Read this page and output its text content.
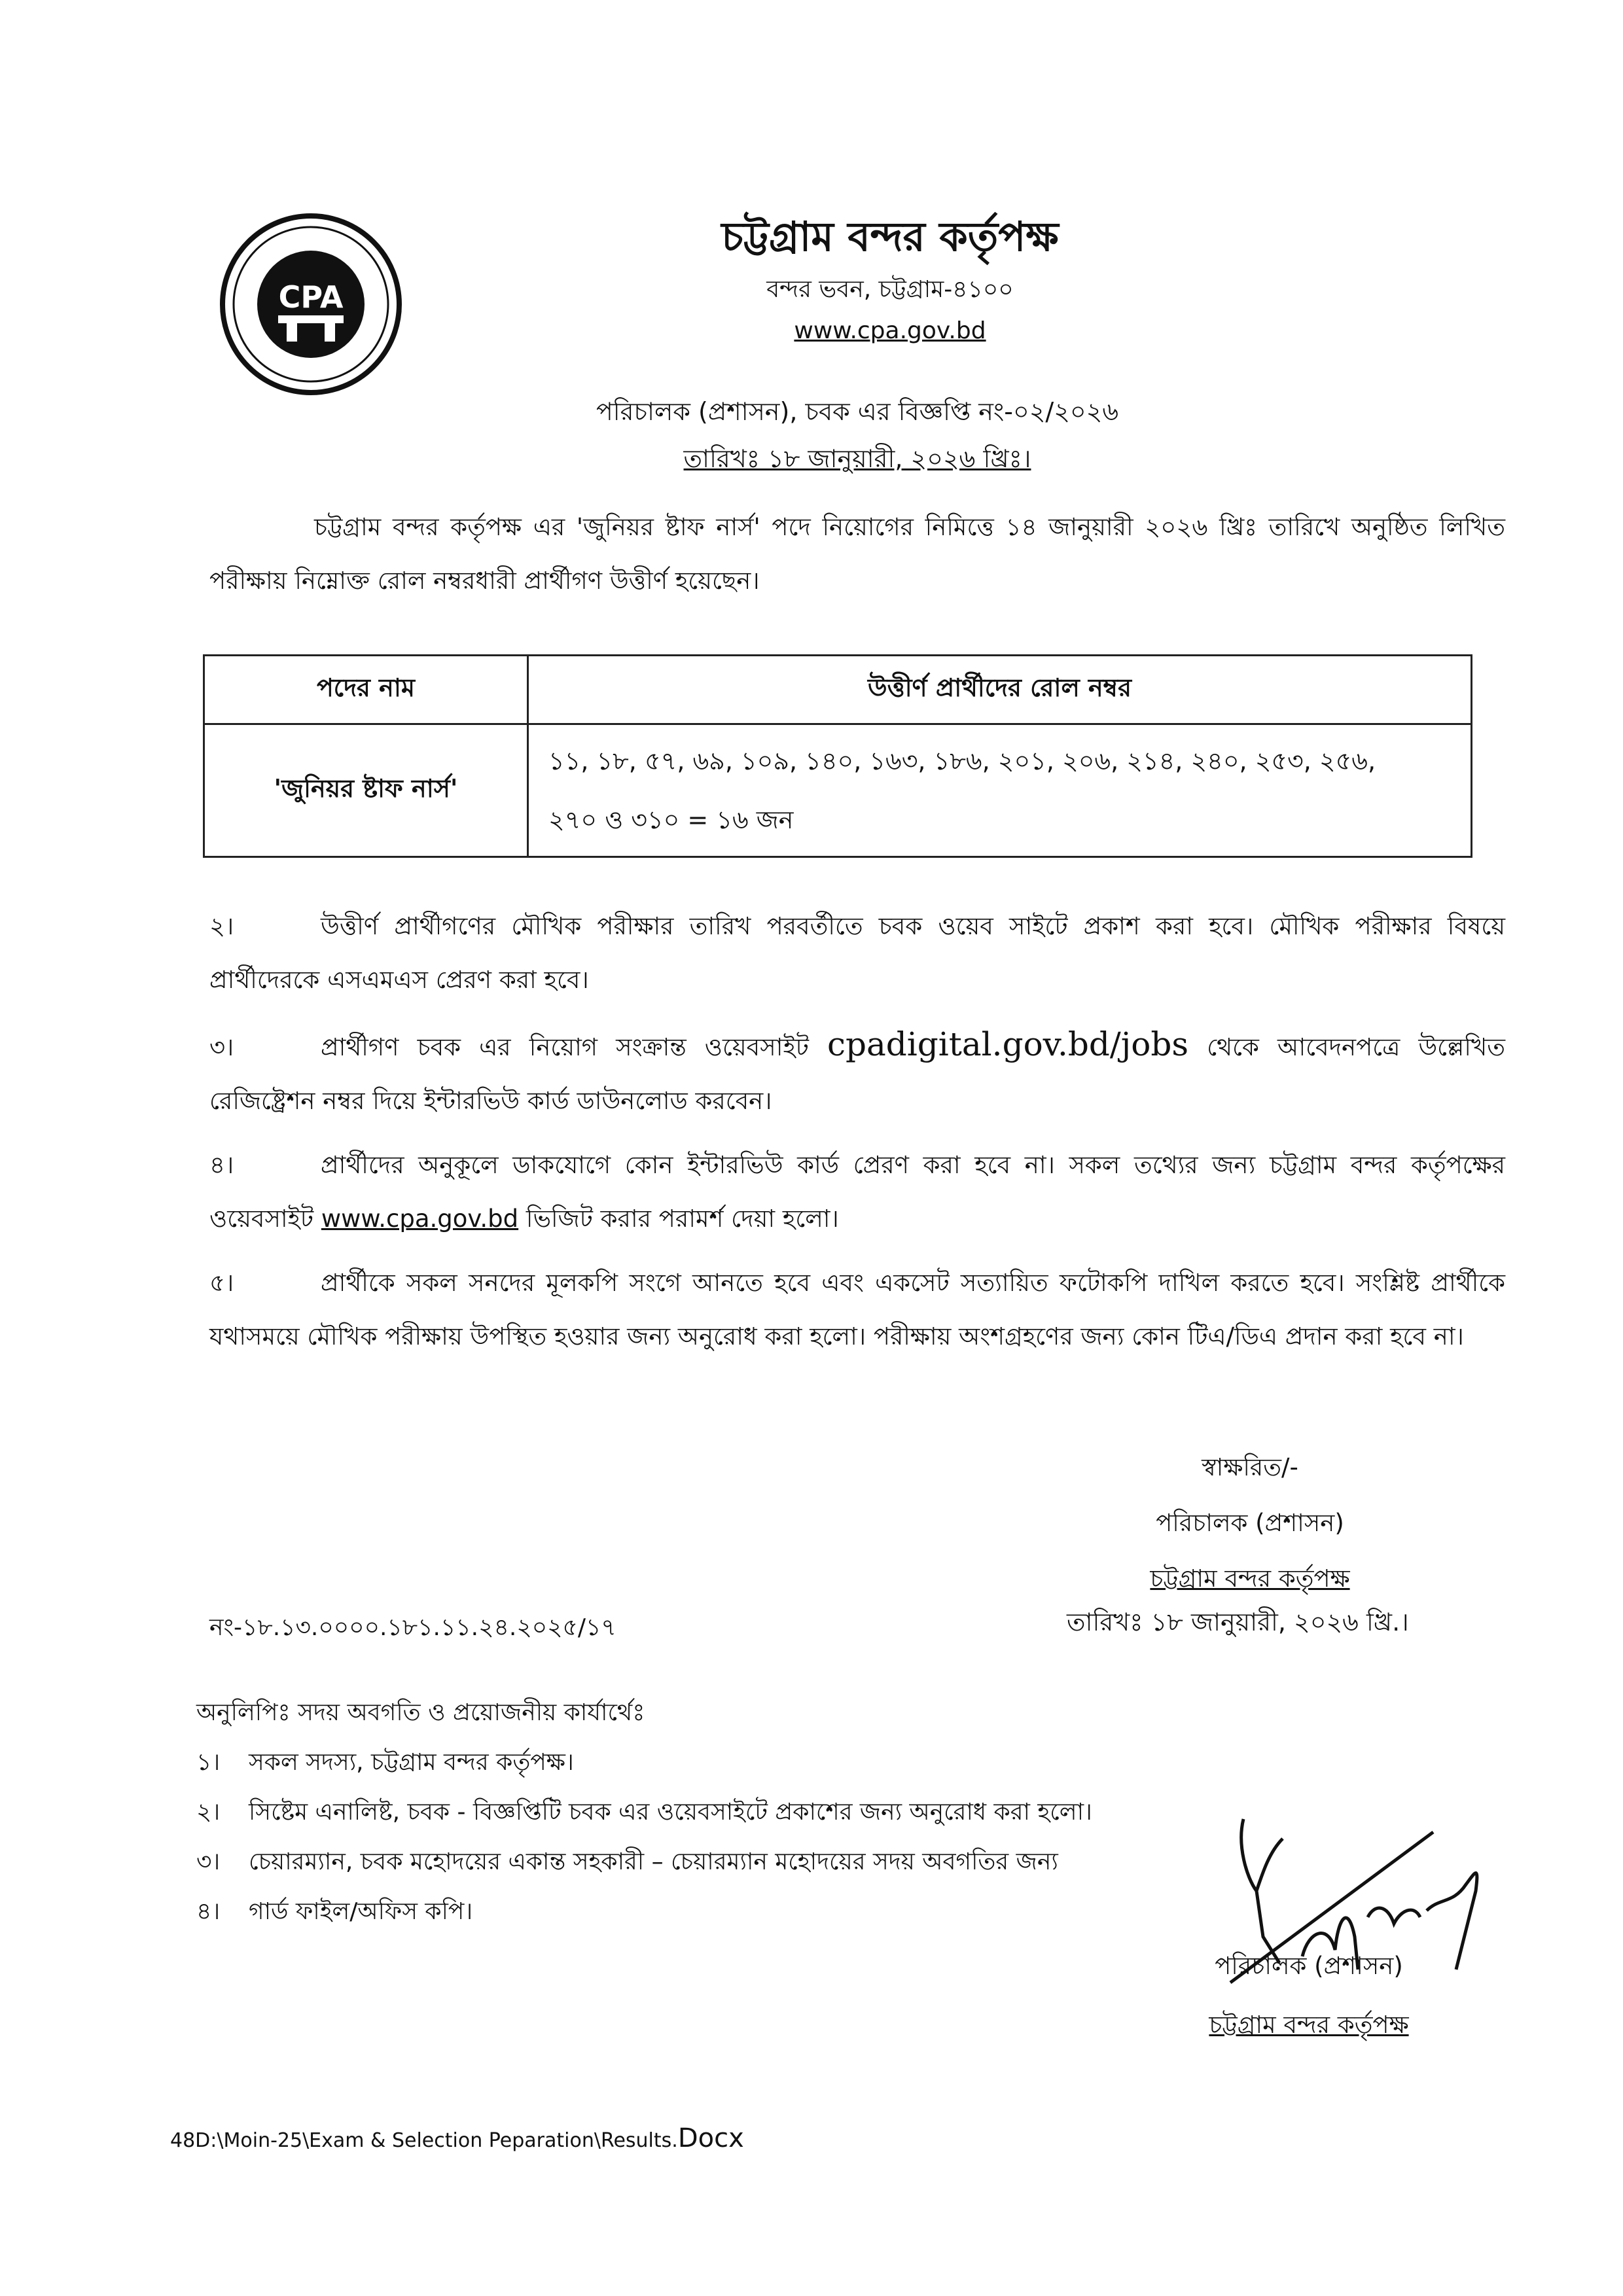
CPA
চট্টগ্রাম বন্দর কর্তৃপক্ষ
বন্দর ভবন, চট্টগ্রাম-৪১০০
www.cpa.gov.bd
পরিচালক (প্রশাসন), চবক এর বিজ্ঞপ্তি নং-০২/২০২৬
তারিখঃ ১৮ জানুয়ারী, ২০২৬ খ্রিঃ।
চট্টগ্রাম বন্দর কর্তৃপক্ষ এর 'জুনিয়র ষ্টাফ নার্স' পদে নিয়োগের নিমিত্তে ১৪ জানুয়ারী ২০২৬ খ্রিঃ তারিখে অনুষ্ঠিত লিখিত পরীক্ষায় নিম্নোক্ত রোল নম্বরধারী প্রার্থীগণ উত্তীর্ণ হয়েছেন।
পদের নাম	উত্তীর্ণ প্রার্থীদের রোল নম্বর
'জুনিয়র ষ্টাফ নার্স'	১১, ১৮, ৫৭, ৬৯, ১০৯, ১৪০, ১৬৩, ১৮৬, ২০১, ২০৬, ২১৪, ২৪০, ২৫৩, ২৫৬,
২৭০ ও ৩১০ = ১৬ জন
২।	উত্তীর্ণ প্রার্থীগণের মৌখিক পরীক্ষার তারিখ পরবর্তীতে চবক ওয়েব সাইটে প্রকাশ করা হবে। মৌখিক পরীক্ষার বিষয়ে প্রার্থীদেরকে এসএমএস প্রেরণ করা হবে।
৩।	প্রার্থীগণ চবক এর নিয়োগ সংক্রান্ত ওয়েবসাইট cpadigital.gov.bd/jobs থেকে আবেদনপত্রে উল্লেখিত রেজিষ্ট্রেশন নম্বর দিয়ে ইন্টারভিউ কার্ড ডাউনলোড করবেন।
৪।	প্রার্থীদের অনুকূলে ডাকযোগে কোন ইন্টারভিউ কার্ড প্রেরণ করা হবে না। সকল তথ্যের জন্য চট্টগ্রাম বন্দর কর্তৃপক্ষের ওয়েবসাইট www.cpa.gov.bd ভিজিট করার পরামর্শ দেয়া হলো।
৫।	প্রার্থীকে সকল সনদের মূলকপি সংগে আনতে হবে এবং একসেট সত্যায়িত ফটোকপি দাখিল করতে হবে। সংশ্লিষ্ট প্রার্থীকে যথাসময়ে মৌখিক পরীক্ষায় উপস্থিত হওয়ার জন্য অনুরোধ করা হলো। পরীক্ষায় অংশগ্রহণের জন্য কোন টিএ/ডিএ প্রদান করা হবে না।
স্বাক্ষরিত/-
পরিচালক (প্রশাসন)
চট্টগ্রাম বন্দর কর্তৃপক্ষ
নং-১৮.১৩.০০০০.১৮১.১১.২৪.২০২৫/১৭	তারিখঃ ১৮ জানুয়ারী, ২০২৬ খ্রি.।
অনুলিপিঃ সদয় অবগতি ও প্রয়োজনীয় কার্যার্থেঃ
১। সকল সদস্য, চট্টগ্রাম বন্দর কর্তৃপক্ষ।
২। সিষ্টেম এনালিষ্ট, চবক - বিজ্ঞপ্তিটি চবক এর ওয়েবসাইটে প্রকাশের জন্য অনুরোধ করা হলো।
৩। চেয়ারম্যান, চবক মহোদয়ের একান্ত সহকারী – চেয়ারম্যান মহোদয়ের সদয় অবগতির জন্য
৪। গার্ড ফাইল/অফিস কপি।
পরিচালক (প্রশাসন)
চট্টগ্রাম বন্দর কর্তৃপক্ষ
48D:\Moin-25\Exam & Selection Peparation\Results.Docx
